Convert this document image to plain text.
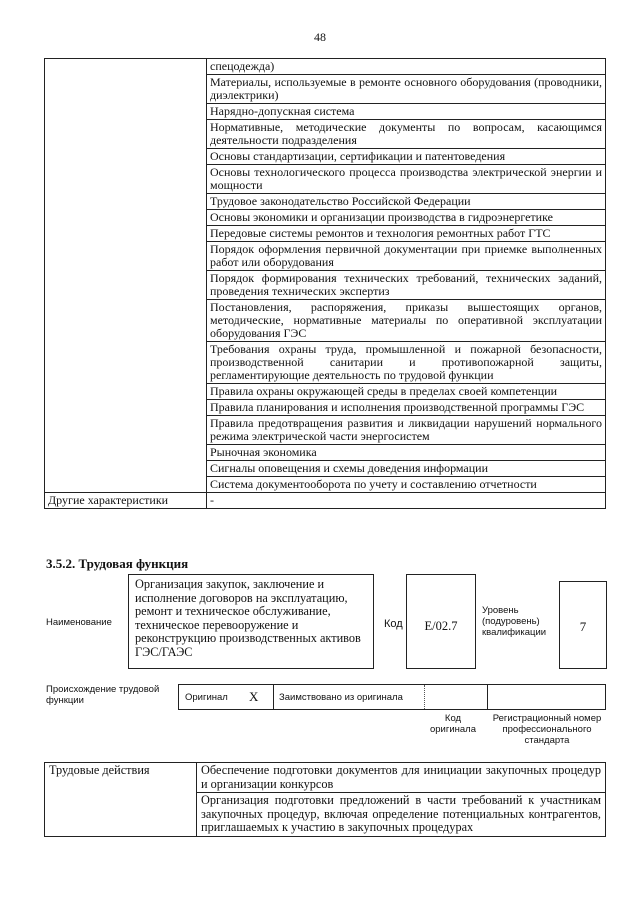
48
	спецодежда)
	Материалы, используемые в ремонте основного оборудования (проводники, диэлектрики)
	Нарядно-допускная система
	Нормативные, методические документы по вопросам, касающимся деятельности подразделения
	Основы стандартизации, сертификации и патентоведения
	Основы технологического процесса производства электрической энергии и мощности
	Трудовое законодательство Российской Федерации
	Основы экономики и организации производства в гидроэнергетике
	Передовые системы ремонтов и технология ремонтных работ ГТС
	Порядок оформления первичной документации при приемке выполненных работ или оборудования
	Порядок формирования технических требований, технических заданий, проведения технических экспертиз
	Постановления, распоряжения, приказы вышестоящих органов, методические, нормативные материалы по оперативной эксплуатации оборудования ГЭС
	Требования охраны труда, промышленной и пожарной безопасности, производственной санитарии и противопожарной защиты, регламентирующие деятельность по трудовой функции
	Правила охраны окружающей среды в пределах своей компетенции
	Правила планирования и исполнения производственной программы ГЭС
	Правила предотвращения развития и ликвидации нарушений нормального режима электрической части энергосистем
	Рыночная экономика
	Сигналы оповещения и схемы доведения информации
	Система документооборота по учету и составлению отчетности
Другие характеристики	-
3.5.2. Трудовая функция
Наименование
Организация закупок, заключение и исполнение договоров на эксплуатацию, ремонт и техническое обслуживание, техническое перевооружение и реконструкцию производственных активов ГЭС/ГАЭС
Код	E/02.7
Уровень (подуровень) квалификации	7
Происхождение трудовой функции	Оригинал X Заимствовано из оригинала
Код оригинала
Регистрационный номер профессионального стандарта
Трудовые действия	Обеспечение подготовки документов для инициации закупочных процедур и организации конкурсов
Организация подготовки предложений в части требований к участникам закупочных процедур, включая определение потенциальных контрагентов, приглашаемых к участию в закупочных процедурах
